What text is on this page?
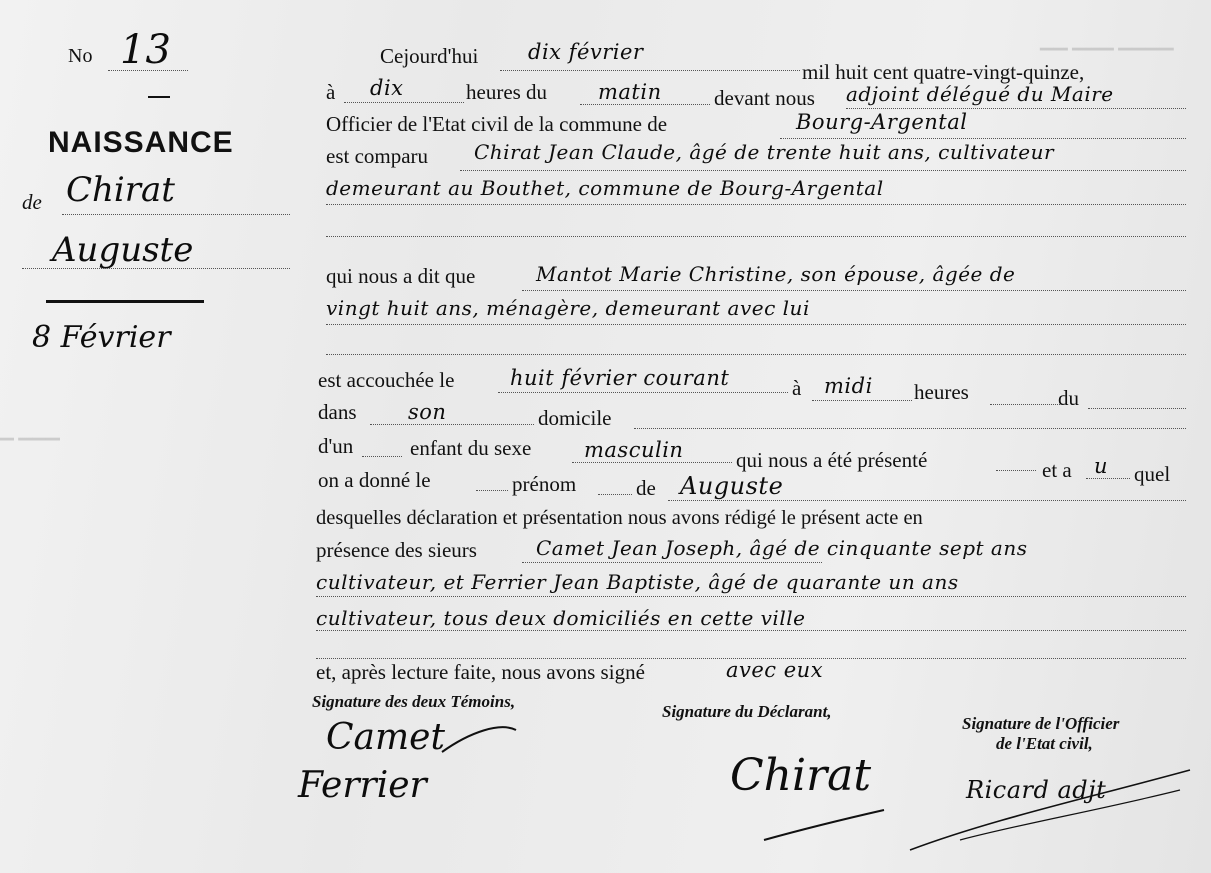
▁▁ ▁▁▁ ▁▁▁▁
▁ ▁▁▁
No 13
NAISSANCE
de Chirat
Auguste
8 Février
Cejourd'hui dix février
mil huit cent quatre-vingt-quinze,
à dix	heures du matin devant nous adjoint délégué du Maire
Officier de l'Etat civil de la commune de	Bourg-Argental
est comparu Chirat Jean Claude, âgé de trente huit ans, cultivateur
demeurant au Bouthet, commune de Bourg-Argental
qui nous a dit que	Mantot Marie Christine, son épouse, âgée de
vingt huit ans, ménagère, demeurant avec lui
est accouchée le	huit février courant	à midi heures	du
dans son	domicile
d'un	enfant du sexe	masculin	qui nous a été présenté	et a u quel
on a donné le	prénom	de Auguste
desquelles déclaration et présentation nous avons rédigé le présent acte en
présence des sieurs	Camet Jean Joseph, âgé de cinquante sept ans
cultivateur, et Ferrier Jean Baptiste, âgé de quarante un ans
cultivateur, tous deux domiciliés en cette ville
et, après lecture faite, nous avons signé	avec eux
Signature des deux Témoins,
Signature du Déclarant,
Signature de l'Officier
de l'Etat civil,
Camet
Ferrier	Chirat	Ricard adjt
